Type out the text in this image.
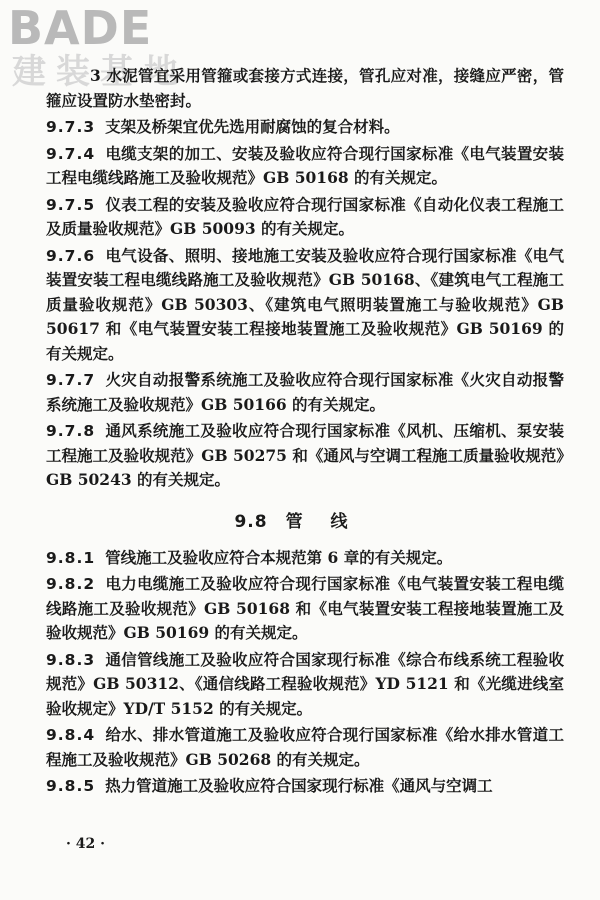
BADE
建装基地

3 水泥管宜采用管箍或套接方式连接，管孔应对准，接缝应严密，管箍应设置防水垫密封。

9.7.3 支架及桥架宜优先选用耐腐蚀的复合材料。

9.7.4 电缆支架的加工、安装及验收应符合现行国家标准《电气装置安装工程电缆线路施工及验收规范》GB 50168 的有关规定。

9.7.5 仪表工程的安装及验收应符合现行国家标准《自动化仪表工程施工及质量验收规范》GB 50093 的有关规定。

9.7.6 电气设备、照明、接地施工安装及验收应符合现行国家标准《电气装置安装工程电缆线路施工及验收规范》GB 50168、《建筑电气工程施工质量验收规范》GB 50303、《建筑电气照明装置施工与验收规范》GB 50617 和《电气装置安装工程接地装置施工及验收规范》GB 50169 的有关规定。

9.7.7 火灾自动报警系统施工及验收应符合现行国家标准《火灾自动报警系统施工及验收规范》GB 50166 的有关规定。

9.7.8 通风系统施工及验收应符合现行国家标准《风机、压缩机、泵安装工程施工及验收规范》GB 50275 和《通风与空调工程施工质量验收规范》GB 50243 的有关规定。

9.8 管线

9.8.1 管线施工及验收应符合本规范第 6 章的有关规定。

9.8.2 电力电缆施工及验收应符合现行国家标准《电气装置安装工程电缆线路施工及验收规范》GB 50168 和《电气装置安装工程接地装置施工及验收规范》GB 50169 的有关规定。

9.8.3 通信管线施工及验收应符合国家现行标准《综合布线系统工程验收规范》GB 50312、《通信线路工程验收规范》YD 5121 和《光缆进线室验收规定》YD/T 5152 的有关规定。

9.8.4 给水、排水管道施工及验收应符合现行国家标准《给水排水管道工程施工及验收规范》GB 50268 的有关规定。

9.8.5 热力管道施工及验收应符合国家现行标准《通风与空调工

· 42 ·
